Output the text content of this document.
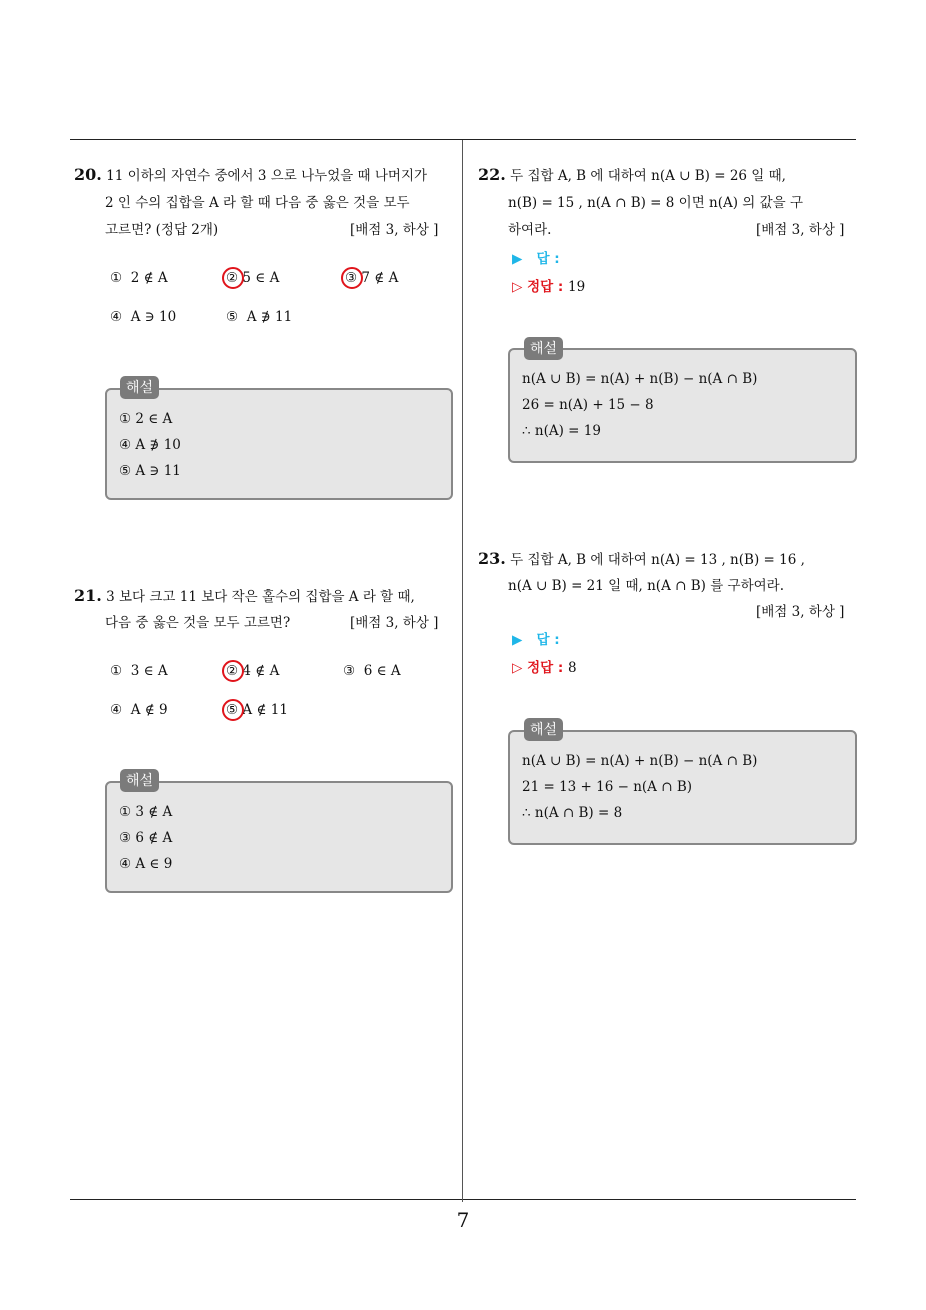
20. 11 이하의 자연수 중에서 3 으로 나누었을 때 나머지가
2 인 수의 집합을 A 라 할 때 다음 중 옳은 것을 모두
고르면? (정답 2개)	[배점 3, 하상 ]
① 2 ∉ A	② 5 ∈ A	③ 7 ∉ A
④ A ∋ 10	⑤ A ∌ 11
① 2 ∈ A
④ A ∌ 10
⑤ A ∋ 11
해설
21. 3 보다 크고 11 보다 작은 홀수의 집합을 A 라 할 때,
다음 중 옳은 것을 모두 고르면?	[배점 3, 하상 ]
① 3 ∈ A	② 4 ∉ A	③ 6 ∈ A
④ A ∉ 9	⑤ A ∉ 11
① 3 ∉ A
③ 6 ∉ A
④ A ∈ 9
해설
22. 두 집합 A, B 에 대하여 n(A ∪ B) = 26 일 때,
n(B) = 15 , n(A ∩ B) = 8 이면 n(A) 의 값을 구
하여라.	[배점 3, 하상 ]
▶ 답 :
▷ 정답 : 19
n(A ∪ B) = n(A) + n(B) − n(A ∩ B)
26 = n(A) + 15 − 8
∴ n(A) = 19
해설
23. 두 집합 A, B 에 대하여 n(A) = 13 , n(B) = 16 ,
n(A ∪ B) = 21 일 때, n(A ∩ B) 를 구하여라.
[배점 3, 하상 ]
▶ 답 :
▷ 정답 : 8
n(A ∪ B) = n(A) + n(B) − n(A ∩ B)
21 = 13 + 16 − n(A ∩ B)
∴ n(A ∩ B) = 8
해설
7
